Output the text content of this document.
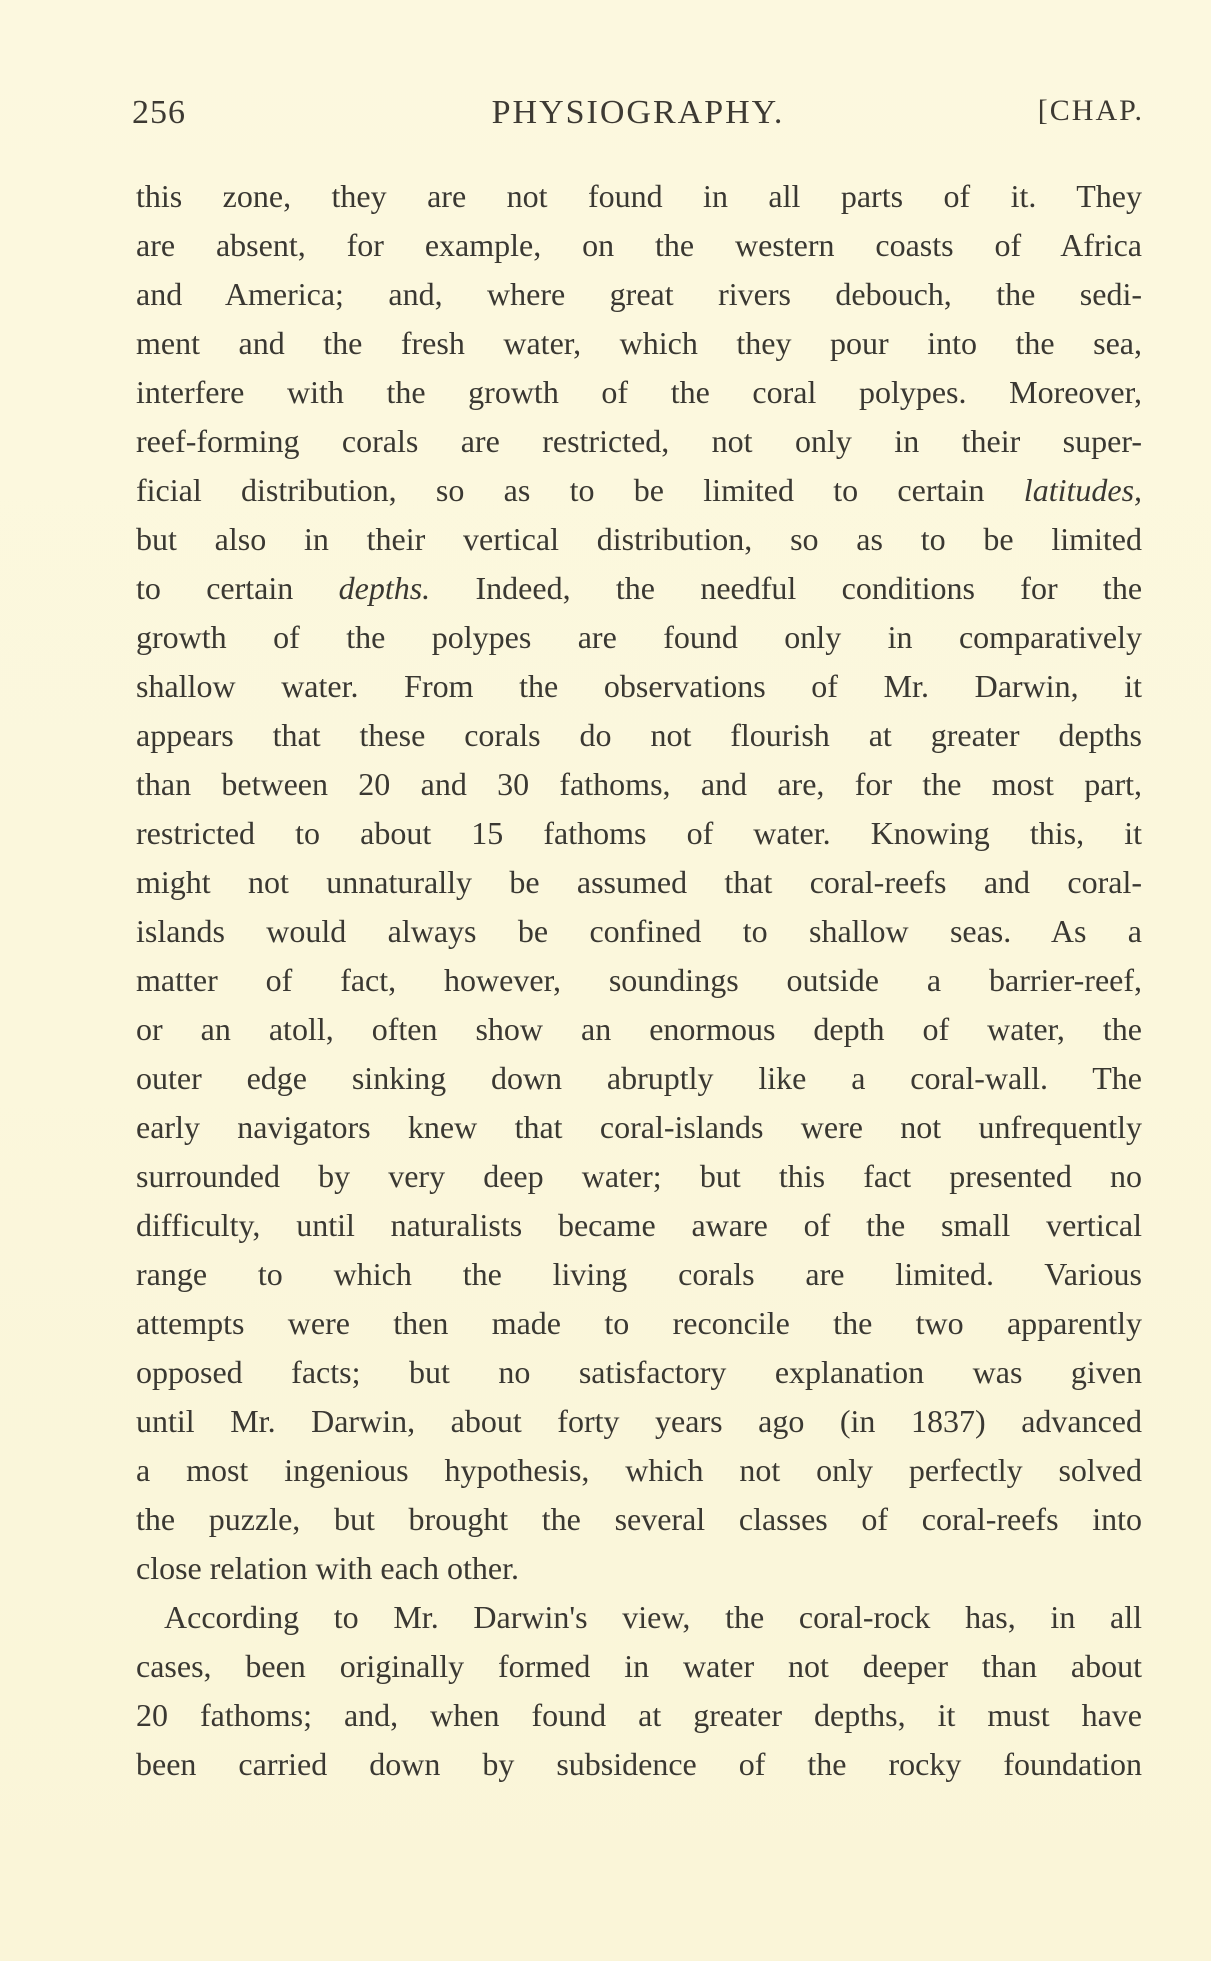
256	PHYSIOGRAPHY.	[CHAP.
this zone, they are not found in all parts of it. They
are absent, for example, on the western coasts of Africa
and America; and, where great rivers debouch, the sedi-
ment and the fresh water, which they pour into the sea,
interfere with the growth of the coral polypes. Moreover,
reef-forming corals are restricted, not only in their super-
ficial distribution, so as to be limited to certain latitudes,
but also in their vertical distribution, so as to be limited
to certain depths. Indeed, the needful conditions for the
growth of the polypes are found only in comparatively
shallow water. From the observations of Mr. Darwin, it
appears that these corals do not flourish at greater depths
than between 20 and 30 fathoms, and are, for the most part,
restricted to about 15 fathoms of water. Knowing this, it
might not unnaturally be assumed that coral-reefs and coral-
islands would always be confined to shallow seas. As a
matter of fact, however, soundings outside a barrier-reef,
or an atoll, often show an enormous depth of water, the
outer edge sinking down abruptly like a coral-wall. The
early navigators knew that coral-islands were not unfrequently
surrounded by very deep water; but this fact presented no
difficulty, until naturalists became aware of the small vertical
range to which the living corals are limited. Various
attempts were then made to reconcile the two apparently
opposed facts; but no satisfactory explanation was given
until Mr. Darwin, about forty years ago (in 1837) advanced
a most ingenious hypothesis, which not only perfectly solved
the puzzle, but brought the several classes of coral-reefs into
close relation with each other.
According to Mr. Darwin's view, the coral-rock has, in all
cases, been originally formed in water not deeper than about
20 fathoms; and, when found at greater depths, it must have
been carried down by subsidence of the rocky foundation
